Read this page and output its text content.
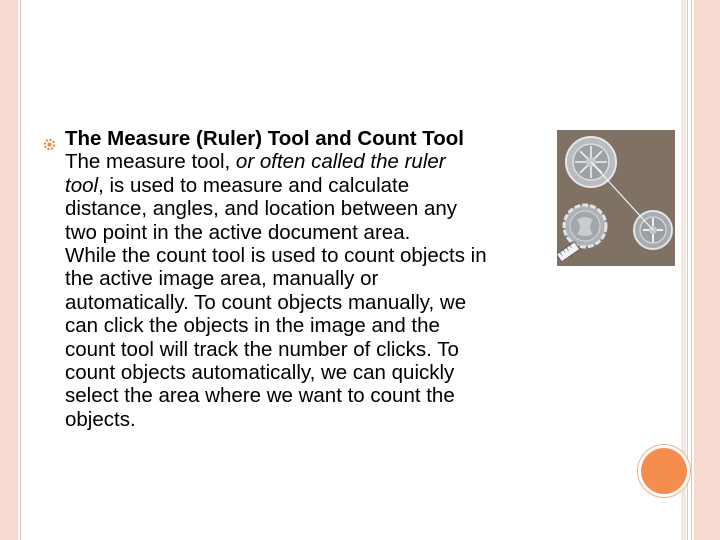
The Measure (Ruler) Tool and Count Tool
The measure tool, or often called the ruler
tool, is used to measure and calculate
distance, angles, and location between any
two point in the active document area.
While the count tool is used to count objects in
the active image area, manually or
automatically. To count objects manually, we
can click the objects in the image and the
count tool will track the number of clicks. To
count objects automatically, we can quickly
select the area where we want to count the
objects.
